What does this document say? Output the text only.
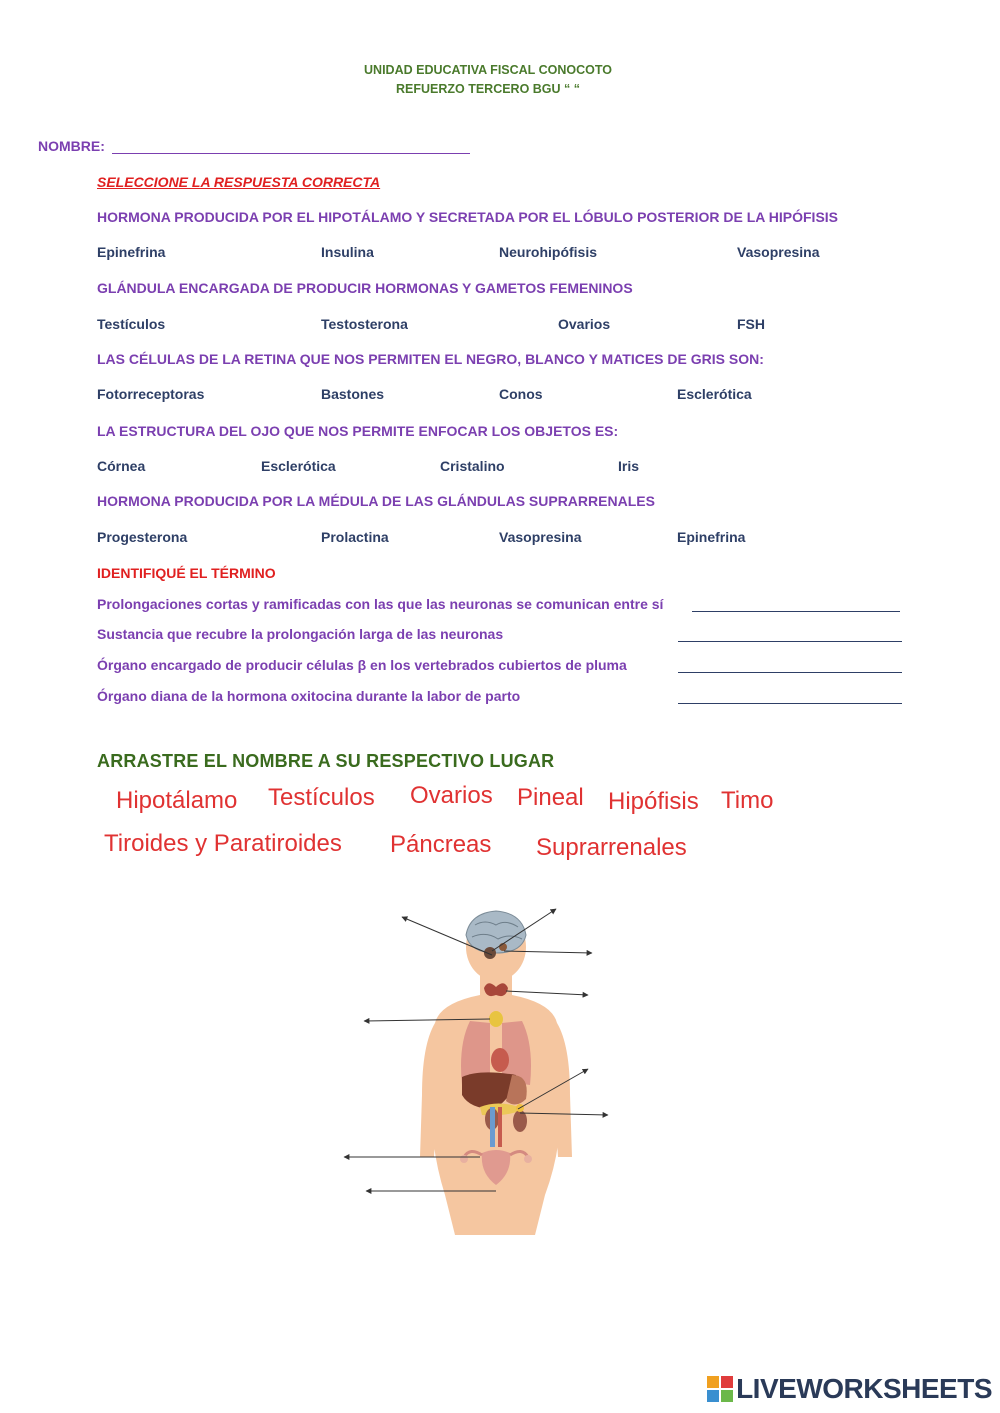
UNIDAD EDUCATIVA FISCAL CONOCOTO
REFUERZO TERCERO BGU “ “
NOMBRE:
SELECCIONE LA RESPUESTA CORRECTA
HORMONA PRODUCIDA POR EL HIPOTÁLAMO Y SECRETADA POR EL LÓBULO POSTERIOR DE LA HIPÓFISIS
Epinefrina	Insulina	Neurohipófisis	Vasopresina
GLÁNDULA ENCARGADA DE PRODUCIR HORMONAS Y GAMETOS FEMENINOS
Testículos	Testosterona	Ovarios	FSH
LAS CÉLULAS DE LA RETINA QUE NOS PERMITEN EL NEGRO, BLANCO Y MATICES DE GRIS SON:
Fotorreceptoras	Bastones	Conos	Esclerótica
LA ESTRUCTURA DEL OJO QUE NOS PERMITE ENFOCAR LOS OBJETOS ES:
Córnea	Esclerótica	Cristalino	Iris
HORMONA PRODUCIDA POR LA MÉDULA DE LAS GLÁNDULAS SUPRARRENALES
Progesterona	Prolactina	Vasopresina	Epinefrina
IDENTIFIQUÉ EL TÉRMINO
Prolongaciones cortas y ramificadas con las que las neuronas se comunican entre sí
Sustancia que recubre la prolongación larga de las neuronas
Órgano encargado de producir células β en los vertebrados cubiertos de pluma
Órgano diana de la hormona oxitocina durante la labor de parto
ARRASTRE EL NOMBRE A SU RESPECTIVO LUGAR
Hipotálamo Testículos Ovarios Pineal Hipófisis Timo
Tiroides y Paratiroides Páncreas Suprarrenales
LIVEWORKSHEETS
